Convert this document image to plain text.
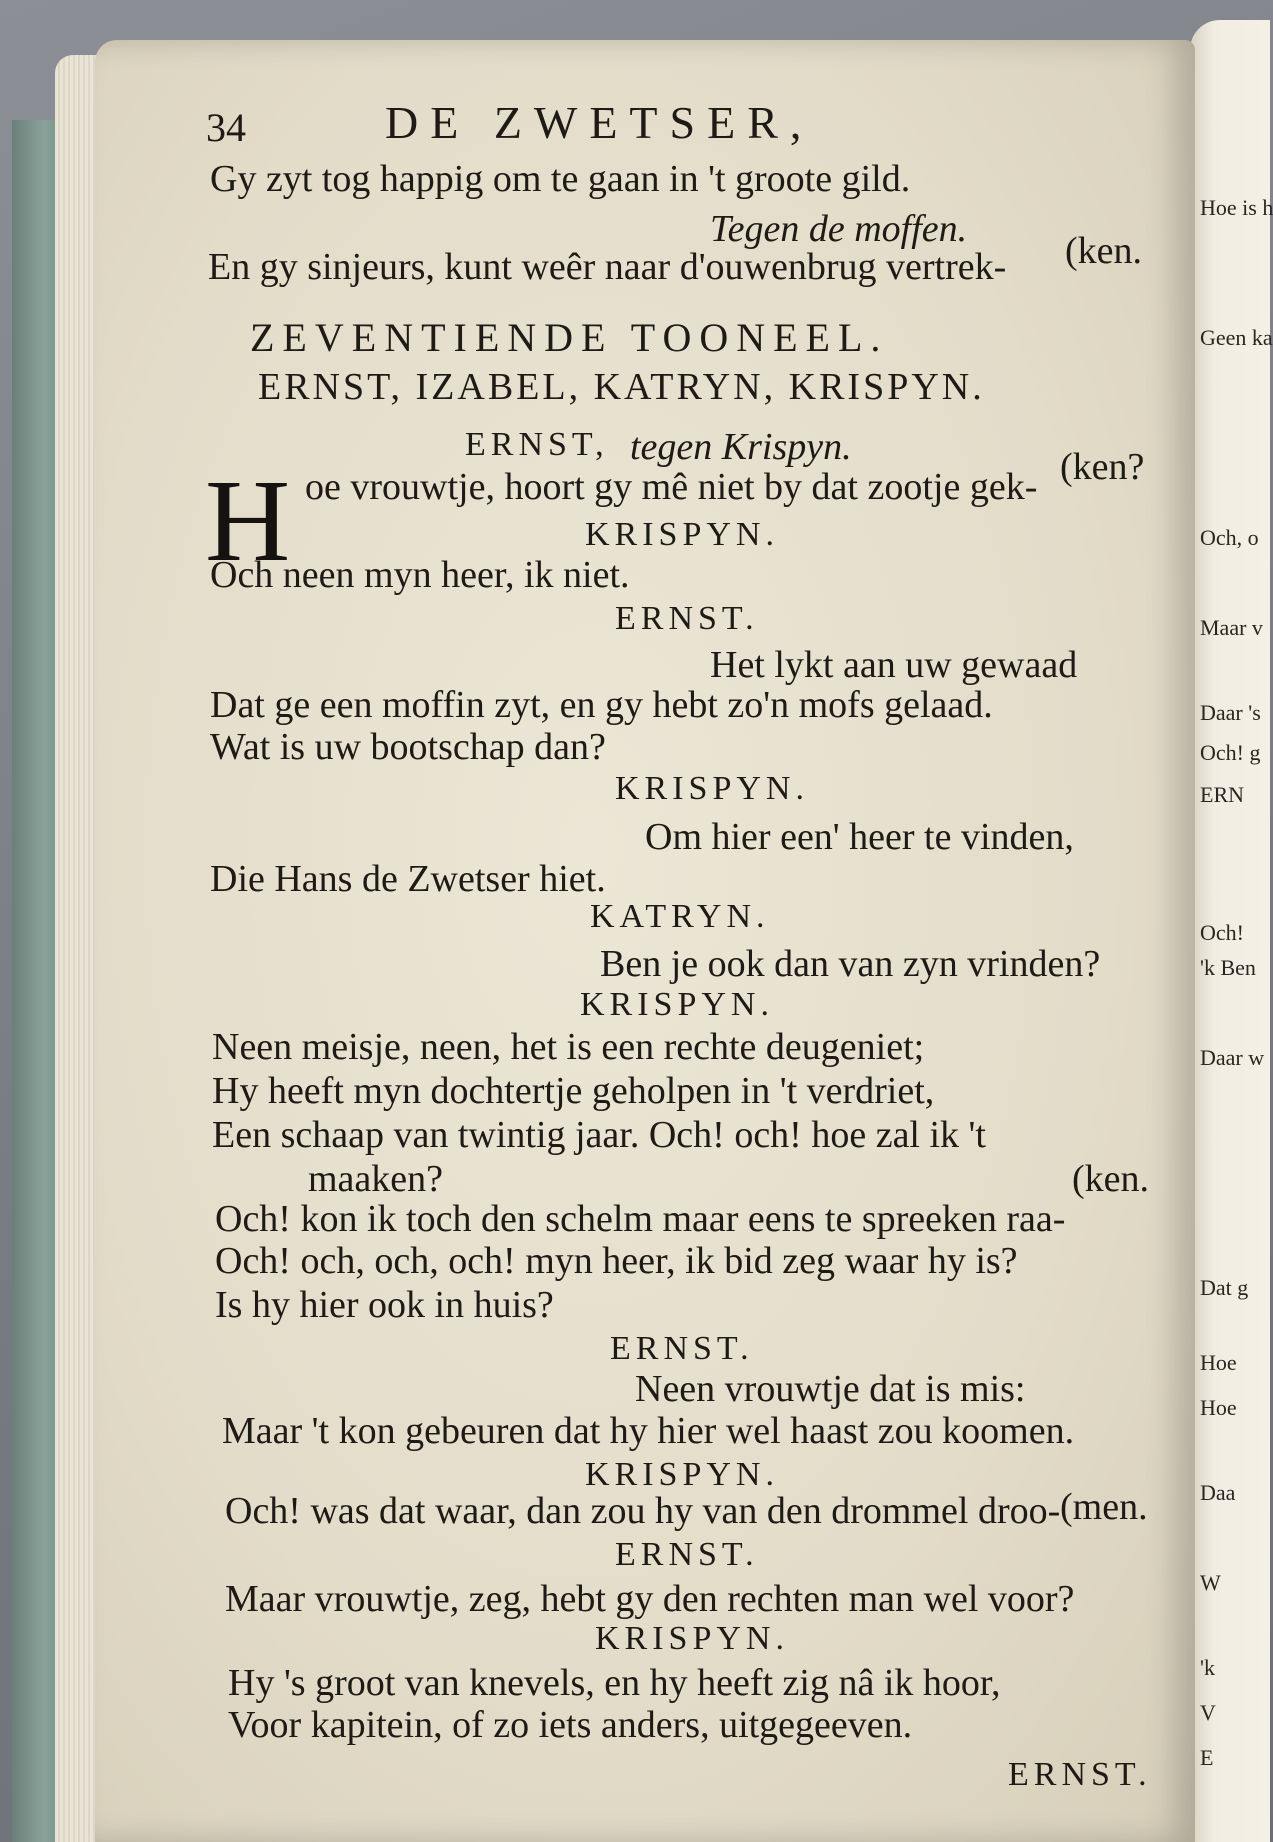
Hoe is h
Geen ka
Och, o
Maar v
Daar 's
Och! g
ERN
Och!
'k Ben
Daar w
Dat g
Hoe
Hoe
Daa
W
'k
V
E
34	DE ZWETSER,
Gy zyt tog happig om te gaan in 't groote gild.
Tegen de moffen.
(ken.
En gy sinjeurs, kunt weêr naar d'ouwenbrug vertrek-
ZEVENTIENDE TOONEEL.
ERNST, IZABEL, KATRYN, KRISPYN.
ERNST, tegen Krispyn.	(ken?
H oe vrouwtje, hoort gy mê niet by dat zootje gek-
KRISPYN.
Och neen myn heer, ik niet.
ERNST.
Het lykt aan uw gewaad
Dat ge een moffin zyt, en gy hebt zo'n mofs gelaad.
Wat is uw bootschap dan?
KRISPYN.
Om hier een' heer te vinden,
Die Hans de Zwetser hiet.
KATRYN.
Ben je ook dan van zyn vrinden?
KRISPYN.
Neen meisje, neen, het is een rechte deugeniet;
Hy heeft myn dochtertje geholpen in 't verdriet,
Een schaap van twintig jaar. Och! och! hoe zal ik 't
maaken?	(ken.
Och! kon ik toch den schelm maar eens te spreeken raa-
Och! och, och, och! myn heer, ik bid zeg waar hy is?
Is hy hier ook in huis?
ERNST.
Neen vrouwtje dat is mis:
Maar 't kon gebeuren dat hy hier wel haast zou koomen.
KRISPYN.
(men.
Och! was dat waar, dan zou hy van den drommel droo-
ERNST.
Maar vrouwtje, zeg, hebt gy den rechten man wel voor?
KRISPYN.
Hy 's groot van knevels, en hy heeft zig nâ ik hoor,
Voor kapitein, of zo iets anders, uitgegeeven.
ERNST.
